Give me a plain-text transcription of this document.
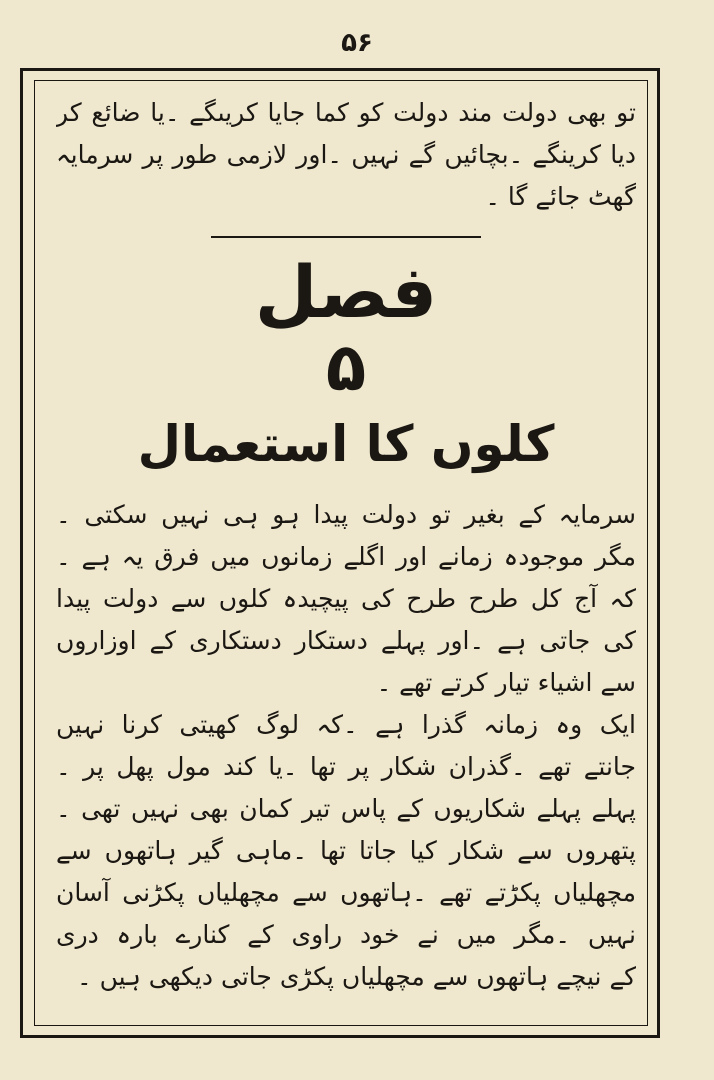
۵۶
تو بھی دولت مند دولت کو کما جایا کریںگے ۔یا ضائع کر
دیا کرینگے ۔بچائیں گے نہیں ۔اور لازمی طور پر سرمایہ
گھٹ جائے گا ۔
فصل
۵
کلوں کا استعمال
سرمایہ کے بغیر تو دولت پیدا ہو ہی نہیں سکتی ۔
مگر موجودہ زمانے اور اگلے زمانوں میں فرق یہ ہے ۔
کہ آج کل طرح طرح کی پیچیدہ کلوں سے دولت پیدا
کی جاتی ہے ۔اور پہلے دستکار دستکاری کے اوزاروں
سے اشیاء تیار کرتے تھے ۔
ایک وہ زمانہ گذرا ہے ۔کہ لوگ کھیتی کرنا نہیں
جانتے تھے ۔گذران شکار پر تھا ۔یا کند مول پھل پر ۔
پہلے پہلے شکاریوں کے پاس تیر کمان بھی نہیں تھی ۔
پتھروں سے شکار کیا جاتا تھا ۔ماہی گیر ہاتھوں سے
مچھلیاں پکڑتے تھے ۔ہاتھوں سے مچھلیاں پکڑنی آسان
نہیں ۔مگر میں نے خود راوی کے کنارے بارہ دری
کے نیچے ہاتھوں سے مچھلیاں پکڑی جاتی دیکھی ہیں ۔
